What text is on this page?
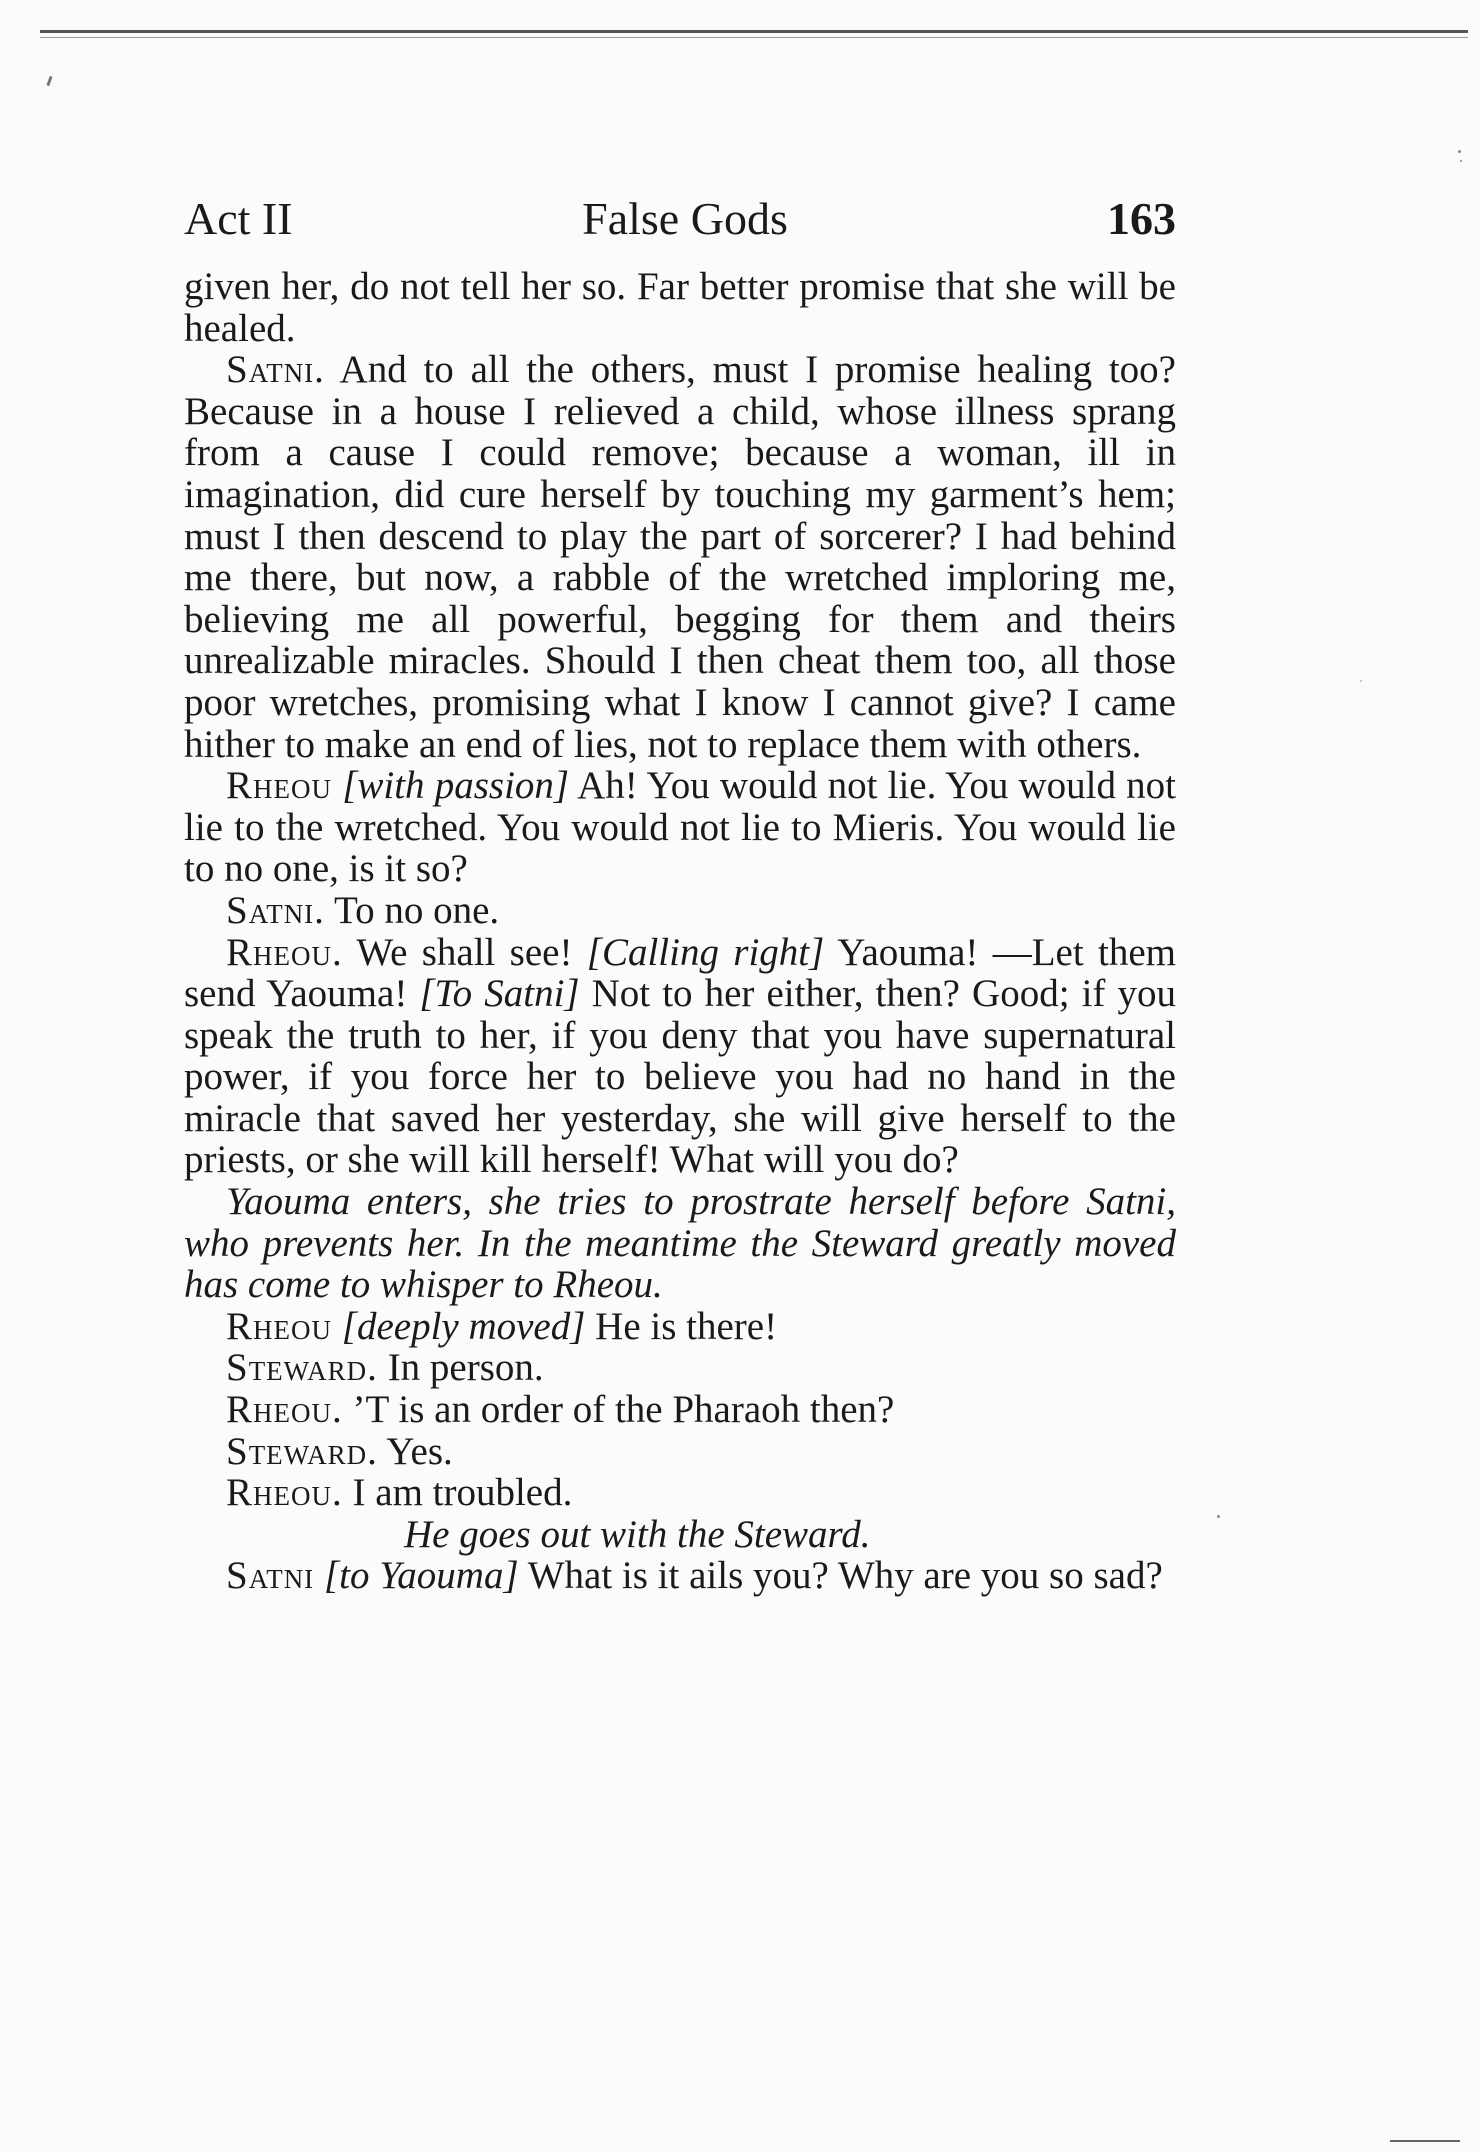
Act II	False Gods	163

given her, do not tell her so. Far better promise that she will be healed.

Satni. And to all the others, must I promise healing too? Because in a house I relieved a child, whose illness sprang from a cause I could remove; because a woman, ill in imagination, did cure herself by touching my garment’s hem; must I then descend to play the part of sorcerer? I had behind me there, but now, a rabble of the wretched imploring me, believing me all powerful, begging for them and theirs unrealizable miracles. Should I then cheat them too, all those poor wretches, promising what I know I cannot give? I came hither to make an end of lies, not to replace them with others.

Rheou [with passion] Ah! You would not lie. You would not lie to the wretched. You would not lie to Mieris. You would lie to no one, is it so?

Satni. To no one.

Rheou. We shall see! [Calling right] Yaouma! —Let them send Yaouma! [To Satni] Not to her either, then? Good; if you speak the truth to her, if you deny that you have supernatural power, if you force her to believe you had no hand in the miracle that saved her yesterday, she will give herself to the priests, or she will kill herself! What will you do?

Yaouma enters, she tries to prostrate herself before Satni, who prevents her. In the meantime the Steward greatly moved has come to whisper to Rheou.

Rheou [deeply moved] He is there!

Steward. In person.

Rheou. ’T is an order of the Pharaoh then?

Steward. Yes.

Rheou. I am troubled.

He goes out with the Steward.

Satni [to Yaouma] What is it ails you? Why are you so sad?
